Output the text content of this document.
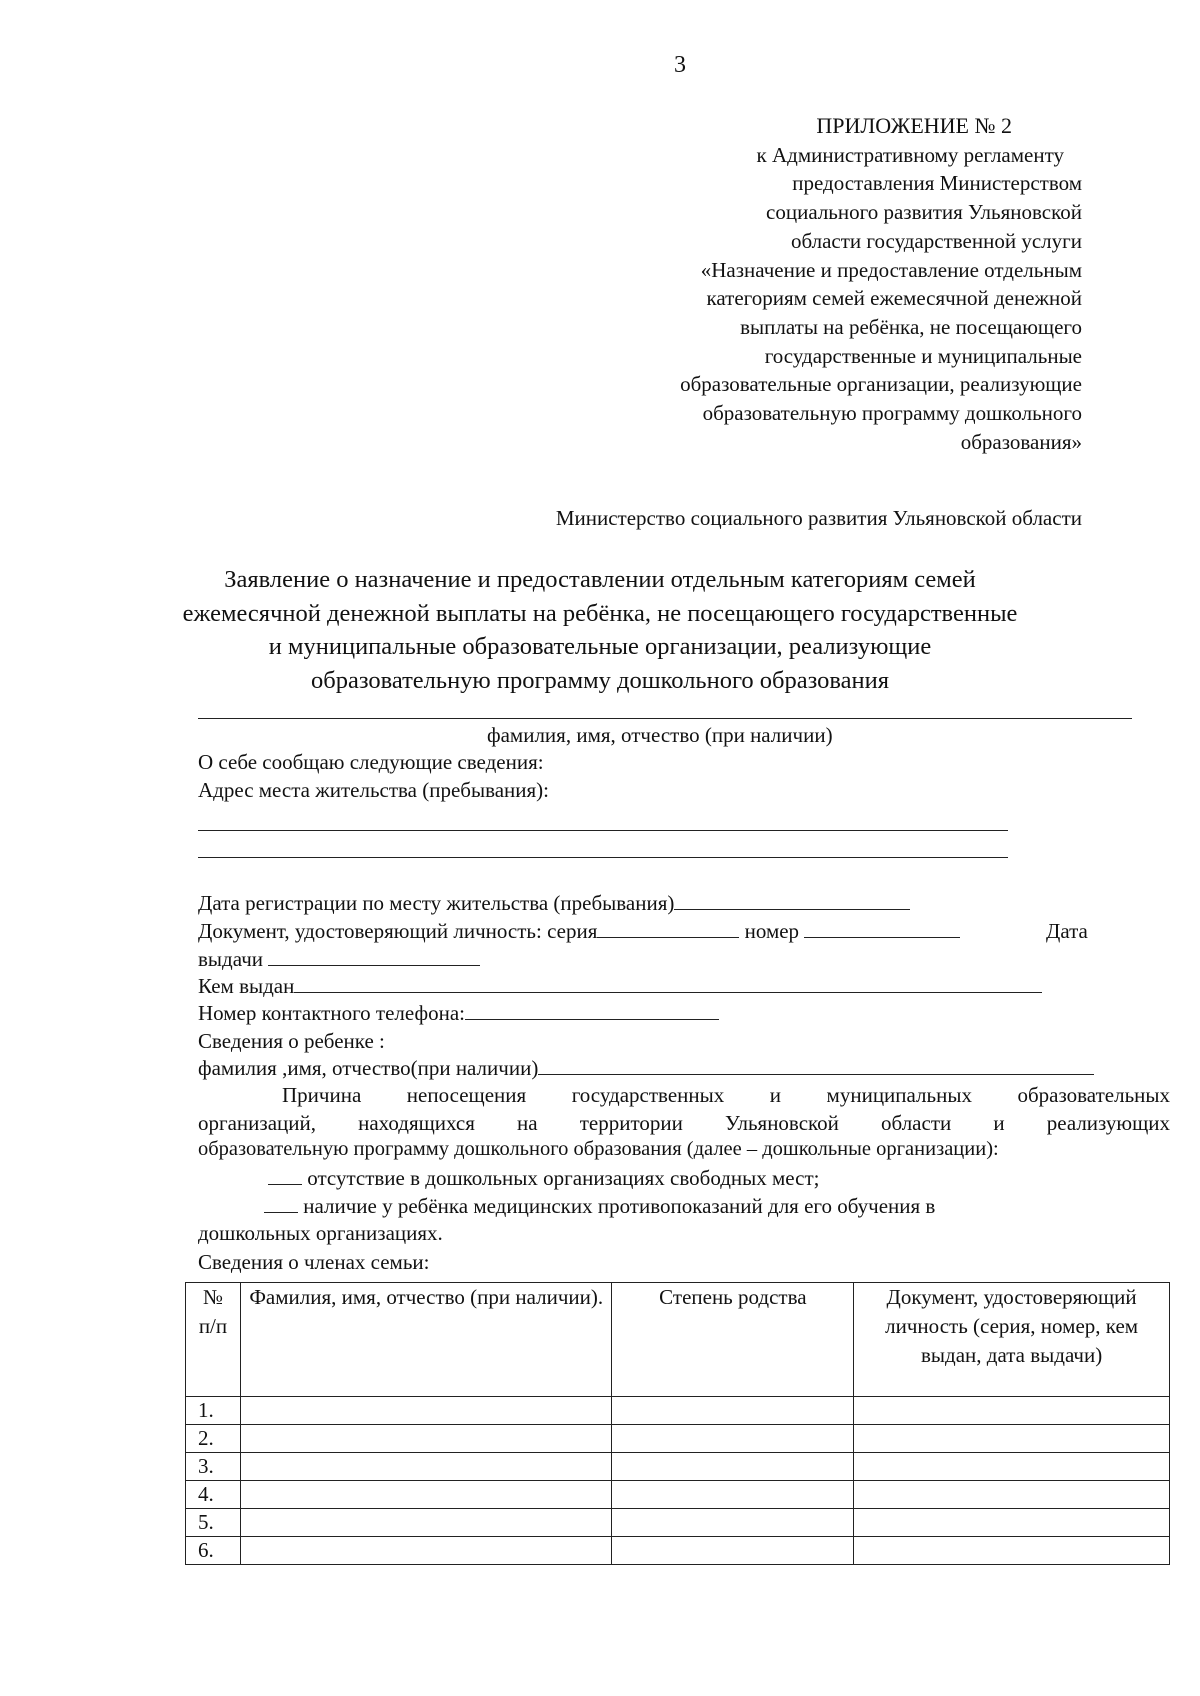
3
ПРИЛОЖЕНИЕ № 2
к Административному регламенту
предоставления Министерством
социального развития Ульяновской
области государственной услуги
«Назначение и предоставление отдельным
категориям семей ежемесячной денежной
выплаты на ребёнка, не посещающего
государственные и муниципальные
образовательные организации, реализующие
образовательную программу дошкольного
образования»
Министерство социального развития Ульяновской области
Заявление о назначение и предоставлении отдельным категориям семей
ежемесячной денежной выплаты на ребёнка, не посещающего государственные
и муниципальные образовательные организации, реализующие
образовательную программу дошкольного образования
фамилия, имя, отчество (при наличии)
О себе сообщаю следующие сведения:
Адрес места жительства (пребывания):
Дата регистрации по месту жительства (пребывания)
Документ, удостоверяющий личность: серия	номер	Дата
выдачи
Кем выдан
Номер контактного телефона:
Сведения о ребенке :
фамилия ,имя, отчество(при наличии)
Причина непосещения государственных и муниципальных образовательных
организаций, находящихся на территории Ульяновской области и реализующих
образовательную программу дошкольного образования (далее – дошкольные организации):
отсутствие в дошкольных организациях свободных мест;
наличие у ребёнка медицинских противопоказаний для его обучения в
дошкольных организациях.
Сведения о членах семьи:
№ п/п	Фамилия, имя, отчество (при наличии).	Степень родства	Документ, удостоверяющий личность (серия, номер, кем выдан, дата выдачи)
1.			
2.			
3.			
4.			
5.			
6.			
